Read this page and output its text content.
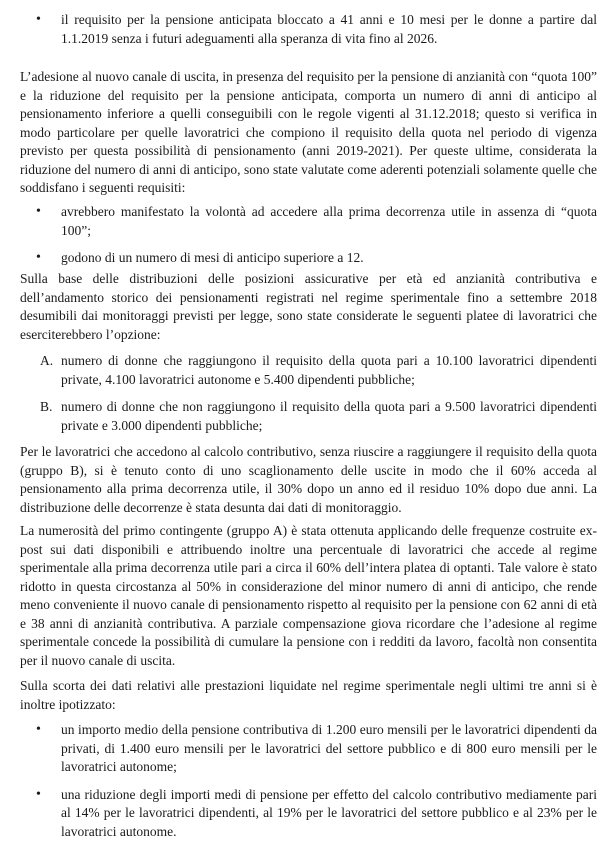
• il requisito per la pensione anticipata bloccato a 41 anni e 10 mesi per le donne a partire dal 1.1.2019 senza i futuri adeguamenti alla speranza di vita fino al 2026.

L’adesione al nuovo canale di uscita, in presenza del requisito per la pensione di anzianità con “quota 100” e la riduzione del requisito per la pensione anticipata, comporta un numero di anni di anticipo al pensionamento inferiore a quelli conseguibili con le regole vigenti al 31.12.2018; questo si verifica in modo particolare per quelle lavoratrici che compiono il requisito della quota nel periodo di vigenza previsto per questa possibilità di pensionamento (anni 2019-2021). Per queste ultime, considerata la riduzione del numero di anni di anticipo, sono state valutate come aderenti potenziali solamente quelle che soddisfano i seguenti requisiti:

• avrebbero manifestato la volontà ad accedere alla prima decorrenza utile in assenza di “quota 100”;
• godono di un numero di mesi di anticipo superiore a 12.

Sulla base delle distribuzioni delle posizioni assicurative per età ed anzianità contributiva e dell’andamento storico dei pensionamenti registrati nel regime sperimentale fino a settembre 2018 desumibili dai monitoraggi previsti per legge, sono state considerate le seguenti platee di lavoratrici che eserciterebbero l’opzione:

A. numero di donne che raggiungono il requisito della quota pari a 10.100 lavoratrici dipendenti private, 4.100 lavoratrici autonome e 5.400 dipendenti pubbliche;
B. numero di donne che non raggiungono il requisito della quota pari a 9.500 lavoratrici dipendenti private e 3.000 dipendenti pubbliche;

Per le lavoratrici che accedono al calcolo contributivo, senza riuscire a raggiungere il requisito della quota (gruppo B), si è tenuto conto di uno scaglionamento delle uscite in modo che il 60% acceda al pensionamento alla prima decorrenza utile, il 30% dopo un anno ed il residuo 10% dopo due anni. La distribuzione delle decorrenze è stata desunta dai dati di monitoraggio.

La numerosità del primo contingente (gruppo A) è stata ottenuta applicando delle frequenze costruite ex-post sui dati disponibili e attribuendo inoltre una percentuale di lavoratrici che accede al regime sperimentale alla prima decorrenza utile pari a circa il 60% dell’intera platea di optanti. Tale valore è stato ridotto in questa circostanza al 50% in considerazione del minor numero di anni di anticipo, che rende meno conveniente il nuovo canale di pensionamento rispetto al requisito per la pensione con 62 anni di età e 38 anni di anzianità contributiva. A parziale compensazione giova ricordare che l’adesione al regime sperimentale concede la possibilità di cumulare la pensione con i redditi da lavoro, facoltà non consentita per il nuovo canale di uscita.

Sulla scorta dei dati relativi alle prestazioni liquidate nel regime sperimentale negli ultimi tre anni si è inoltre ipotizzato:

• un importo medio della pensione contributiva di 1.200 euro mensili per le lavoratrici dipendenti da privati, di 1.400 euro mensili per le lavoratrici del settore pubblico e di 800 euro mensili per le lavoratrici autonome;
• una riduzione degli importi medi di pensione per effetto del calcolo contributivo mediamente pari al 14% per le lavoratrici dipendenti, al 19% per le lavoratrici del settore pubblico e al 23% per le lavoratrici autonome.
